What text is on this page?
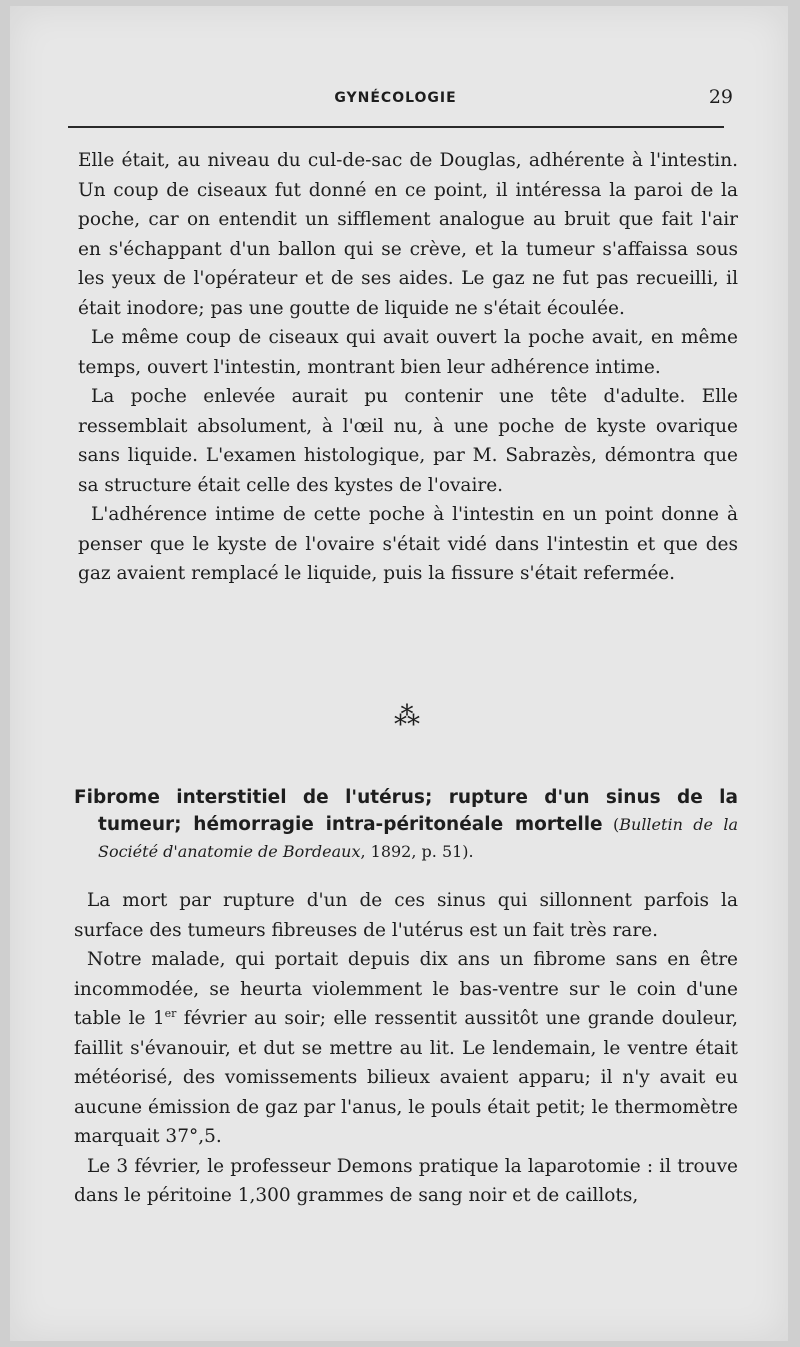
GYNÉCOLOGIE	29

Elle était, au niveau du cul-de-sac de Douglas, adhérente à l'intestin. Un coup de ciseaux fut donné en ce point, il intéressa la paroi de la poche, car on entendit un sifflement analogue au bruit que fait l'air en s'échappant d'un ballon qui se crève, et la tumeur s'affaissa sous les yeux de l'opérateur et de ses aides. Le gaz ne fut pas recueilli, il était inodore; pas une goutte de liquide ne s'était écoulée.

Le même coup de ciseaux qui avait ouvert la poche avait, en même temps, ouvert l'intestin, montrant bien leur adhérence intime.

La poche enlevée aurait pu contenir une tête d'adulte. Elle ressemblait absolument, à l'œil nu, à une poche de kyste ovarique sans liquide. L'examen histologique, par M. Sabrazès, démontra que sa structure était celle des kystes de l'ovaire.

L'adhérence intime de cette poche à l'intestin en un point donne à penser que le kyste de l'ovaire s'était vidé dans l'intestin et que des gaz avaient remplacé le liquide, puis la fissure s'était refermée.

⁂
Fibrome interstitiel de l'utérus; rupture d'un sinus de la tumeur; hémorragie intra-péritonéale mortelle (Bulletin de la Société d'anatomie de Bordeaux, 1892, p. 51).

La mort par rupture d'un de ces sinus qui sillonnent parfois la surface des tumeurs fibreuses de l'utérus est un fait très rare.

Notre malade, qui portait depuis dix ans un fibrome sans en être incommodée, se heurta violemment le bas-ventre sur le coin d'une table le 1er février au soir; elle ressentit aussitôt une grande douleur, faillit s'évanouir, et dut se mettre au lit. Le lendemain, le ventre était météorisé, des vomissements bilieux avaient apparu; il n'y avait eu aucune émission de gaz par l'anus, le pouls était petit; le thermomètre marquait 37°,5.

Le 3 février, le professeur Demons pratique la laparotomie : il trouve dans le péritoine 1,300 grammes de sang noir et de caillots,
